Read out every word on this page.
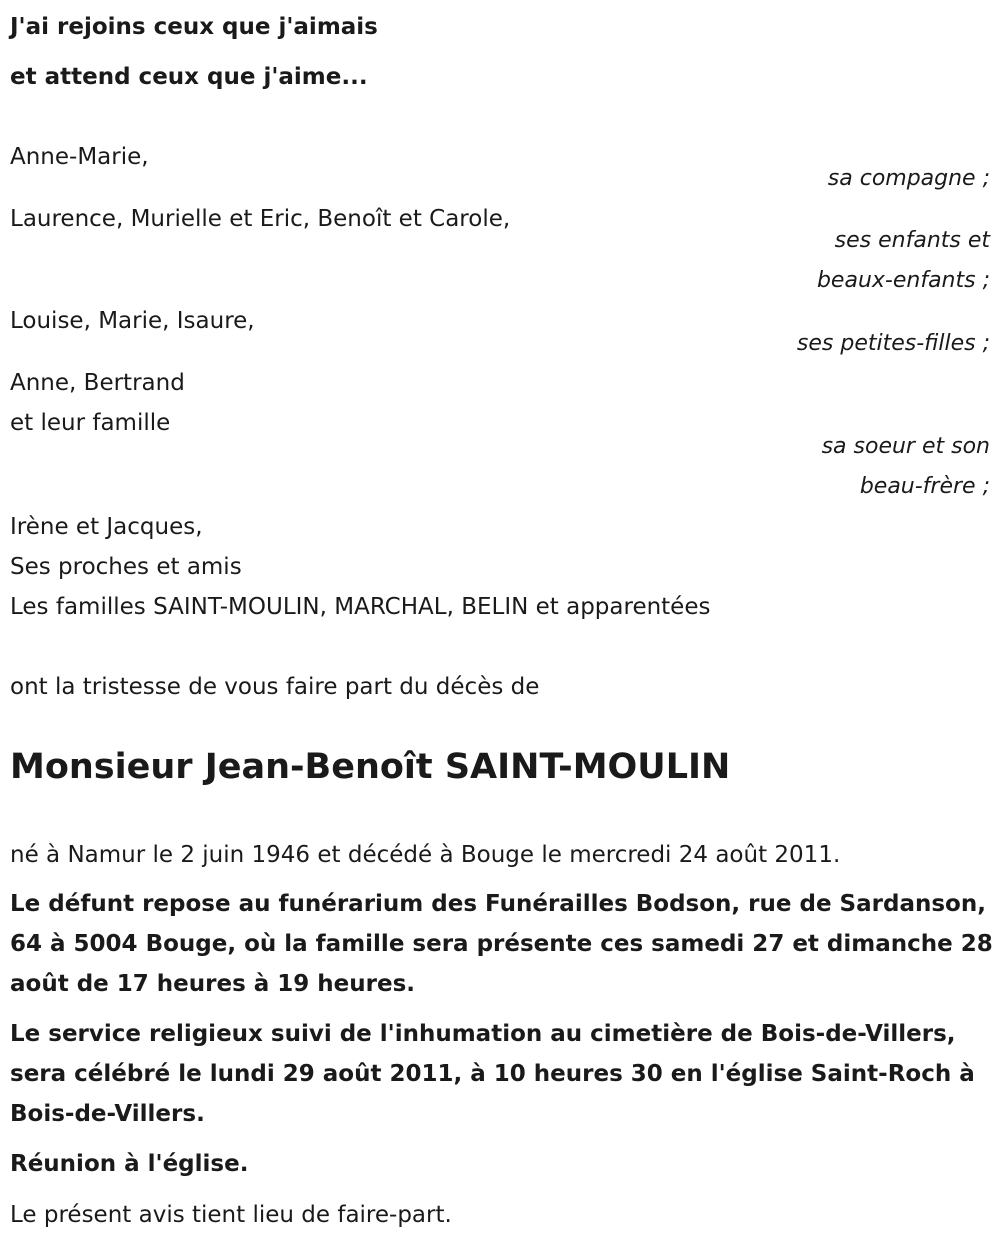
J'ai rejoins ceux que j'aimais
et attend ceux que j'aime...
Anne-Marie,
sa compagne ;
Laurence, Murielle et Eric, Benoît et Carole,
ses enfants et
beaux-enfants ;
Louise, Marie, Isaure,
ses petites-filles ;
Anne, Bertrand
et leur famille
sa soeur et son
beau-frère ;
Irène et Jacques,
Ses proches et amis
Les familles SAINT-MOULIN, MARCHAL, BELIN et apparentées
ont la tristesse de vous faire part du décès de
Monsieur Jean-Benoît SAINT-MOULIN
né à Namur le 2 juin 1946 et décédé à Bouge le mercredi 24 août 2011.
Le défunt repose au funérarium des Funérailles Bodson, rue de Sardanson, 64 à 5004 Bouge, où la famille sera présente ces samedi 27 et dimanche 28 août de 17 heures à 19 heures.
Le service religieux suivi de l'inhumation au cimetière de Bois-de-Villers, sera célébré le lundi 29 août 2011, à 10 heures 30 en l'église Saint-Roch à Bois-de-Villers.
Réunion à l'église.
Le présent avis tient lieu de faire-part.
